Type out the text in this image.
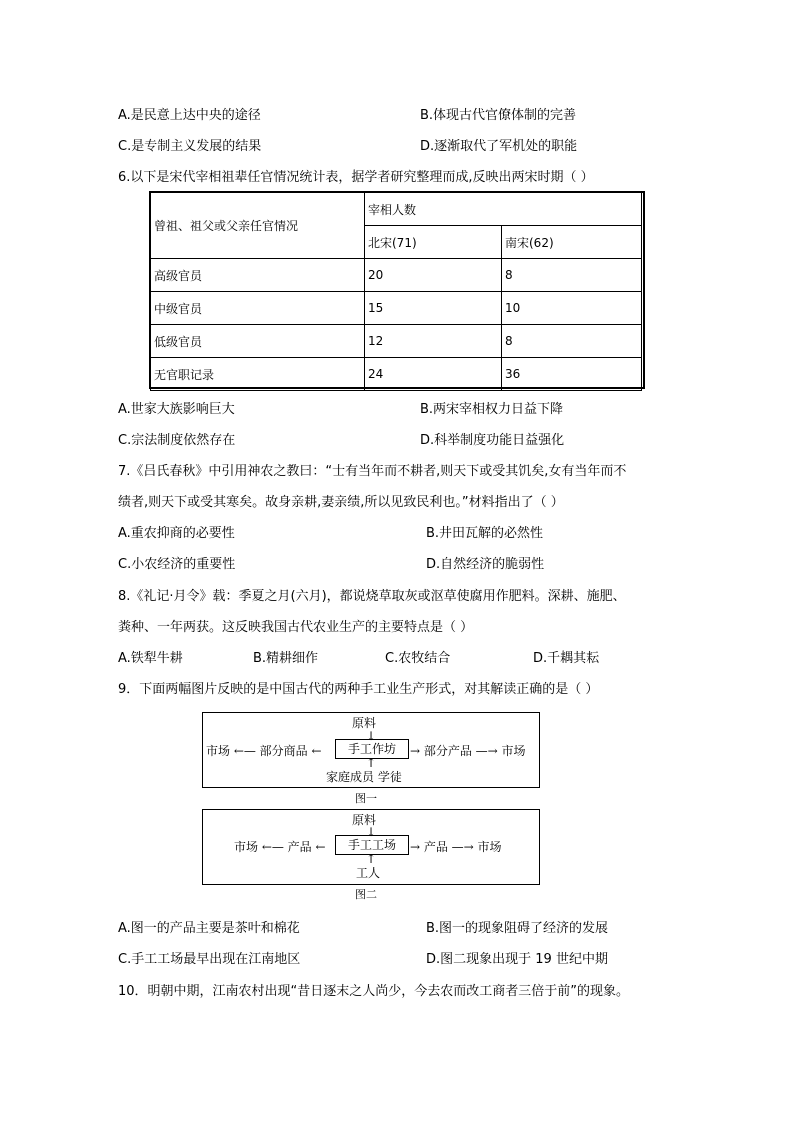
A.是民意上达中央的途径	B.体现古代官僚体制的完善
C.是专制主义发展的结果	D.逐渐取代了军机处的职能
6.以下是宋代宰相祖辈任官情况统计表，据学者研究整理而成,反映出两宋时期（ ）
曾祖、祖父或父亲任官情况	宰相人数	
	北宋(71)	南宋(62)
高级官员	20	8
中级官员	15	10
低级官员	12	8
无官职记录	24	36
A.世家大族影响巨大	B.两宋宰相权力日益下降
C.宗法制度依然存在	D.科举制度功能日益强化
7.《吕氏春秋》中引用神农之教曰：“士有当年而不耕者,则天下或受其饥矣,女有当年而不
绩者,则天下或受其寒矣。故身亲耕,妻亲绩,所以见致民利也。”材料指出了（ ）
A.重农抑商的必要性	B.井田瓦解的必然性
C.小农经济的重要性	D.自然经济的脆弱性
8.《礼记·月令》载：季夏之月(六月)，都说烧草取灰或沤草使腐用作肥料。深耕、施肥、
粪种、一年两获。这反映我国古代农业生产的主要特点是（ ）
A.铁犁牛耕	B.精耕细作	C.农牧结合	D.千耦其耘
9．下面两幅图片反映的是中国古代的两种手工业生产形式，对其解读正确的是（ ）
原料
↓
手工作坊
市场 ←— 部分商品 ←	→ 部分产品 —→ 市场
↑
家庭成员 学徒
图一
原料
↓
手工工场
市场 ←— 产品 ←	→ 产品 —→ 市场
↑
工人
图二
A.图一的产品主要是茶叶和棉花	B.图一的现象阻碍了经济的发展
C.手工工场最早出现在江南地区	D.图二现象出现于 19 世纪中期
10．明朝中期，江南农村出现“昔日逐末之人尚少，今去农而改工商者三倍于前”的现象。
